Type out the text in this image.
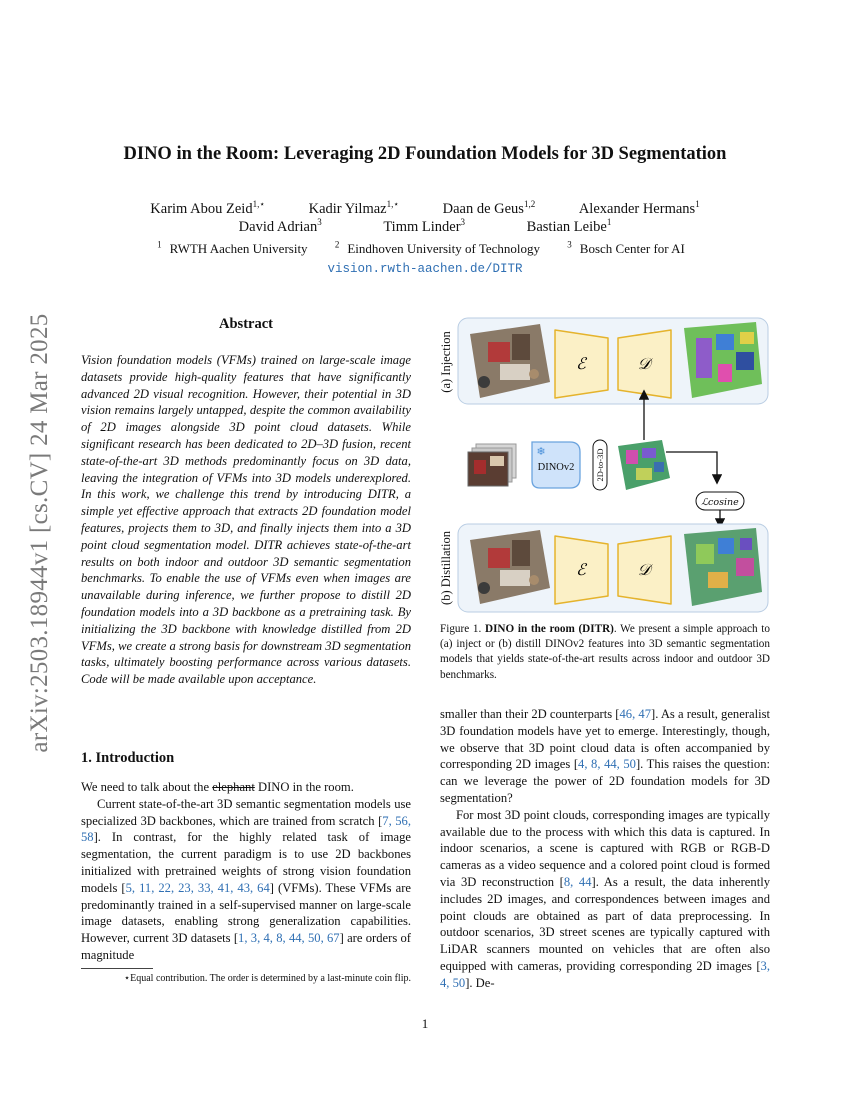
arXiv:2503.18944v1 [cs.CV] 24 Mar 2025
DINO in the Room: Leveraging 2D Foundation Models for 3D Segmentation
Karim Abou Zeid$^{1,⋆}$	Kadir Yilmaz$^{1,⋆}$	Daan de Geus$^{1,2}$	Alexander Hermans$^1$
David Adrian$^3$	Timm Linder$^3$	Bastian Leibe$^1$
$^1$ RWTH Aachen University	$^2$ Eindhoven University of Technology	$^3$ Bosch Center for AI
vision.rwth-aachen.de/DITR
Abstract
Vision foundation models (VFMs) trained on large-scale image datasets provide high-quality features that have significantly advanced 2D visual recognition. However, their potential in 3D vision remains largely untapped, despite the common availability of 2D images alongside 3D point cloud datasets. While significant research has been dedicated to 2D–3D fusion, recent state-of-the-art 3D methods predominantly focus on 3D data, leaving the integration of VFMs into 3D models underexplored. In this work, we challenge this trend by introducing DITR, a simple yet effective approach that extracts 2D foundation model features, projects them to 3D, and finally injects them into a 3D point cloud segmentation model. DITR achieves state-of-the-art results on both indoor and outdoor 3D semantic segmentation benchmarks. To enable the use of VFMs even when images are unavailable during inference, we further propose to distill 2D foundation models into a 3D backbone as a pretraining task. By initializing the 3D backbone with knowledge distilled from 2D VFMs, we create a strong basis for downstream 3D segmentation tasks, ultimately boosting performance across various datasets. Code will be made available upon acceptance.
1. Introduction

We need to talk about the elephant DINO in the room.

Current state-of-the-art 3D semantic segmentation models use specialized 3D backbones, which are trained from scratch [7, 56, 58]. In contrast, for the highly related task of image segmentation, the current paradigm is to use 2D backbones initialized with pretrained weights of strong vision foundation models [5, 11, 22, 23, 33, 41, 43, 64] (VFMs). These VFMs are predominantly trained in a self-supervised manner on large-scale image datasets, enabling strong generalization capabilities. However, current 3D datasets [1, 3, 4, 8, 44, 50, 67] are orders of magnitude

⋆Equal contribution. The order is determined by a last-minute coin flip.
(a) Injection	ℰ	𝒟
❄
DINOv2 2D-to-3D
ℒcosine
(b) Distillation	ℰ	𝒟
Figure 1. DINO in the room (DITR). We present a simple approach to (a) inject or (b) distill DINOv2 features into 3D semantic segmentation models that yields state-of-the-art results across indoor and outdoor 3D benchmarks.

smaller than their 2D counterparts [46, 47]. As a result, generalist 3D foundation models have yet to emerge. Interestingly, though, we observe that 3D point cloud data is often accompanied by corresponding 2D images [4, 8, 44, 50]. This raises the question: can we leverage the power of 2D foundation models for 3D segmentation?

For most 3D point clouds, corresponding images are typically available due to the process with which this data is captured. In indoor scenarios, a scene is captured with RGB or RGB-D cameras as a video sequence and a colored point cloud is formed via 3D reconstruction [8, 44]. As a result, the data inherently includes 2D images, and correspondences between images and point clouds are obtained as part of data preprocessing. In outdoor scenarios, 3D street scenes are typically captured with LiDAR scanners mounted on vehicles that are often also equipped with cameras, providing corresponding 2D images [3, 4, 50]. De-

1
